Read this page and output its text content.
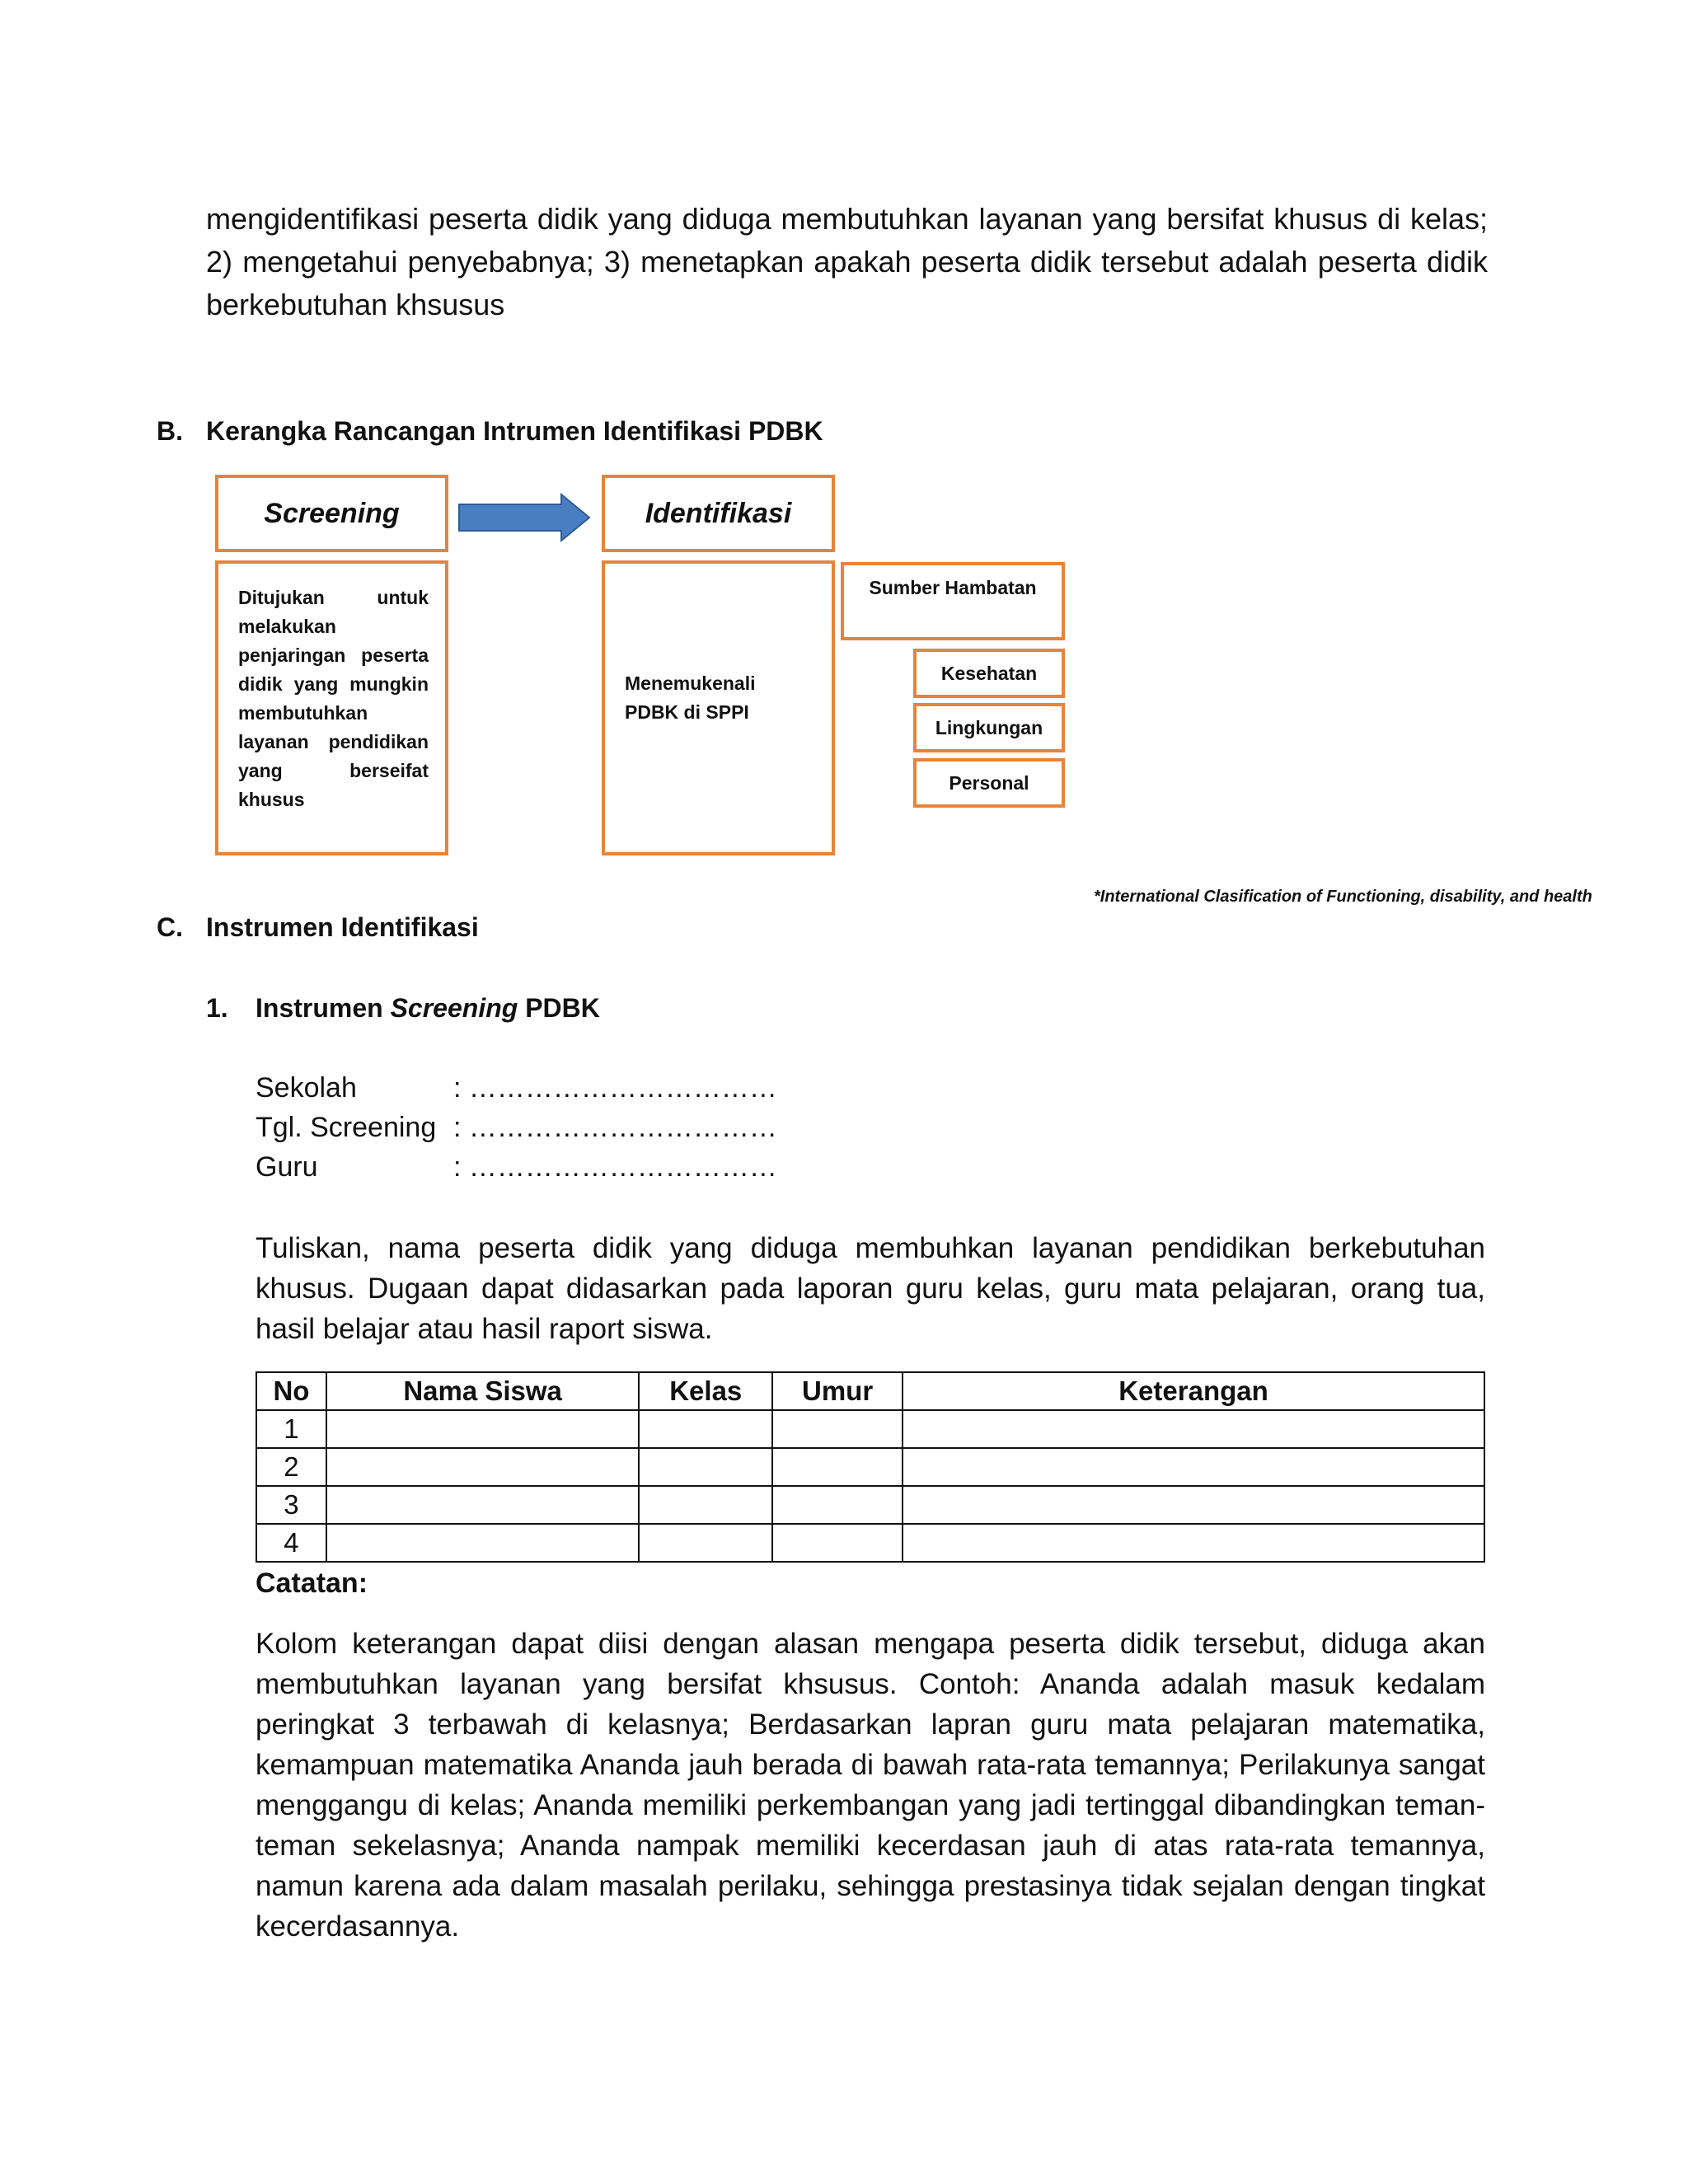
mengidentifikasi peserta didik yang diduga membutuhkan layanan yang bersifat khusus di kelas;
2) mengetahui penyebabnya; 3) menetapkan apakah peserta didik tersebut adalah peserta didik
berkebutuhan khsusus
B. Kerangka Rancangan Intrumen Identifikasi PDBK
Screening	Identifikasi
Ditujukan untuk
melakukan
penjaringan peserta
didik yang mungkin
membutuhkan
layanan pendidikan
yang berseifat
khusus
Menemukenali
PDBK di SPPI
Sumber Hambatan
Kesehatan
Lingkungan
Personal
*International Clasification of Functioning, disability, and health
C. Instrumen Identifikasi
1. Instrumen Screening PDBK
Sekolah	: ……………………………
Tgl. Screening : ……………………………
Guru	: ……………………………
Tuliskan, nama peserta didik yang diduga membuhkan layanan pendidikan berkebutuhan khusus. Dugaan dapat didasarkan pada laporan guru kelas, guru mata pelajaran, orang tua, hasil belajar atau hasil raport siswa.
No	Nama Siswa	Kelas	Umur	Keterangan
1				
2				
3				
4				
Catatan:
Kolom keterangan dapat diisi dengan alasan mengapa peserta didik tersebut, diduga akan membutuhkan layanan yang bersifat khsusus. Contoh: Ananda adalah masuk kedalam peringkat 3 terbawah di kelasnya; Berdasarkan lapran guru mata pelajaran matematika, kemampuan matematika Ananda jauh berada di bawah rata-rata temannya; Perilakunya sangat menggangu di kelas; Ananda memiliki perkembangan yang jadi tertinggal dibandingkan teman-teman sekelasnya; Ananda nampak memiliki kecerdasan jauh di atas rata-rata temannya, namun karena ada dalam masalah perilaku, sehingga prestasinya tidak sejalan dengan tingkat kecerdasannya.
